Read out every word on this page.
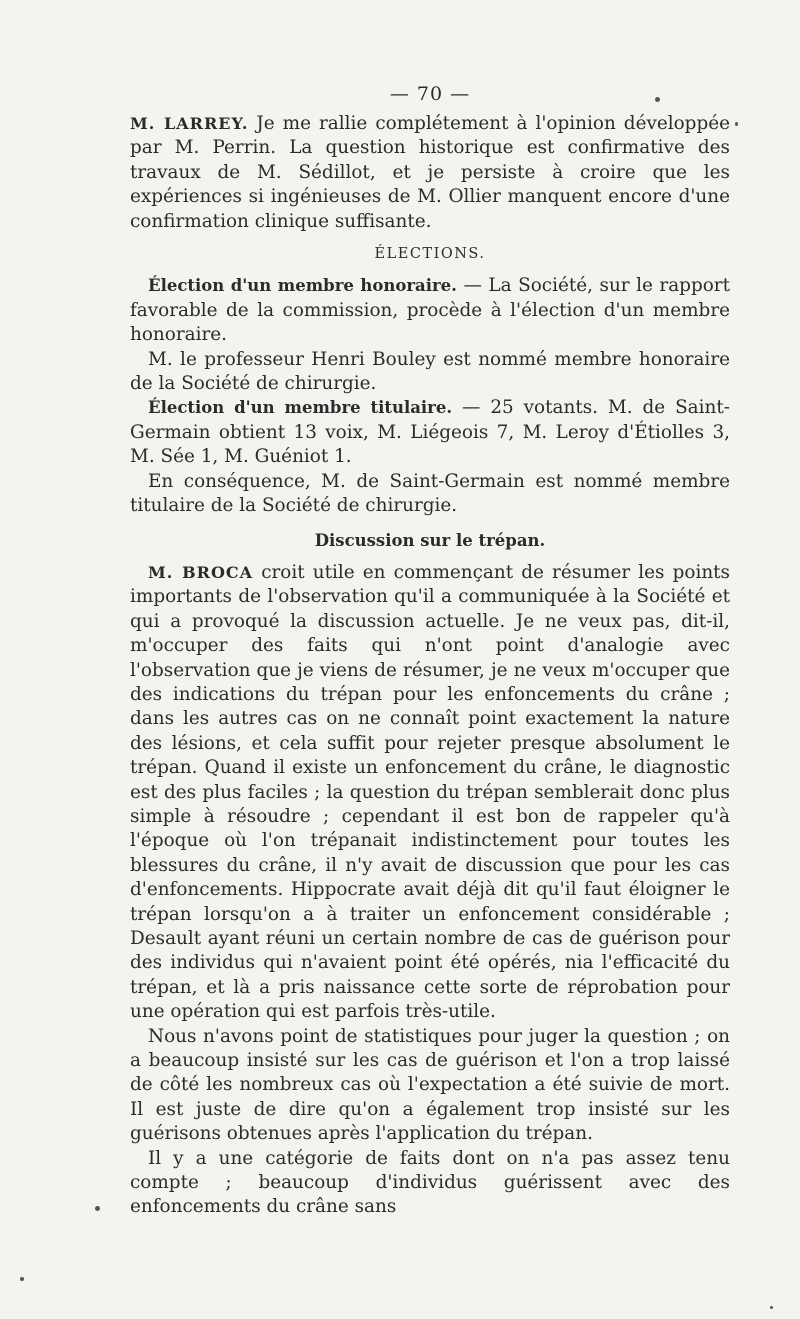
— 70 —

M. LARREY. Je me rallie complétement à l'opinion développée par M. Perrin. La question historique est confirmative des travaux de M. Sédillot, et je persiste à croire que les expériences si ingénieuses de M. Ollier manquent encore d'une confirmation clinique suffisante.

ÉLECTIONS.

Élection d'un membre honoraire. — La Société, sur le rapport favorable de la commission, procède à l'élection d'un membre honoraire.

M. le professeur Henri Bouley est nommé membre honoraire de la Société de chirurgie.

Élection d'un membre titulaire. — 25 votants. M. de Saint-Germain obtient 13 voix, M. Liégeois 7, M. Leroy d'Étiolles 3, M. Sée 1, M. Guéniot 1.

En conséquence, M. de Saint-Germain est nommé membre titulaire de la Société de chirurgie.

Discussion sur le trépan.

M. BROCA croit utile en commençant de résumer les points importants de l'observation qu'il a communiquée à la Société et qui a provoqué la discussion actuelle. Je ne veux pas, dit-il, m'occuper des faits qui n'ont point d'analogie avec l'observation que je viens de résumer, je ne veux m'occuper que des indications du trépan pour les enfoncements du crâne ; dans les autres cas on ne connaît point exactement la nature des lésions, et cela suffit pour rejeter presque absolument le trépan. Quand il existe un enfoncement du crâne, le diagnostic est des plus faciles ; la question du trépan semblerait donc plus simple à résoudre ; cependant il est bon de rappeler qu'à l'époque où l'on trépanait indistinctement pour toutes les blessures du crâne, il n'y avait de discussion que pour les cas d'enfoncements. Hippocrate avait déjà dit qu'il faut éloigner le trépan lorsqu'on a à traiter un enfoncement considérable ; Desault ayant réuni un certain nombre de cas de guérison pour des individus qui n'avaient point été opérés, nia l'efficacité du trépan, et là a pris naissance cette sorte de réprobation pour une opération qui est parfois très-utile.

Nous n'avons point de statistiques pour juger la question ; on a beaucoup insisté sur les cas de guérison et l'on a trop laissé de côté les nombreux cas où l'expectation a été suivie de mort. Il est juste de dire qu'on a également trop insisté sur les guérisons obtenues après l'application du trépan.

Il y a une catégorie de faits dont on n'a pas assez tenu compte ; beaucoup d'individus guérissent avec des enfoncements du crâne sans
